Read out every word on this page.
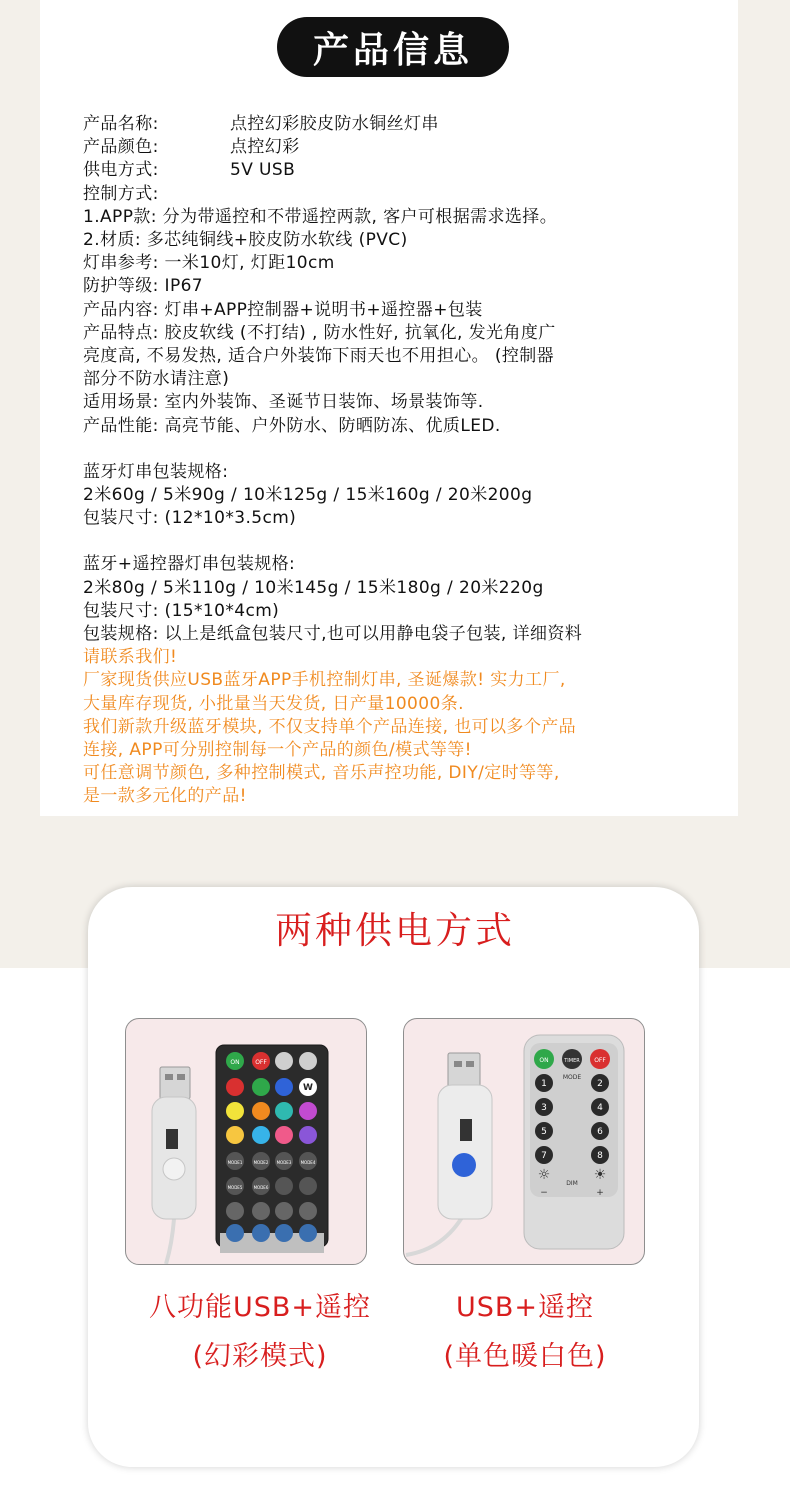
产品信息
产品名称:	点控幻彩胶皮防水铜丝灯串
产品颜色:	点控幻彩
供电方式:	5V USB
控制方式:
1.APP款: 分为带遥控和不带遥控两款, 客户可根据需求选择。
2.材质: 多芯纯铜线+胶皮防水软线 (PVC)
灯串参考: 一米10灯, 灯距10cm
防护等级: IP67
产品内容: 灯串+APP控制器+说明书+遥控器+包装
产品特点: 胶皮软线 (不打结) , 防水性好, 抗氧化, 发光角度广
亮度高, 不易发热, 适合户外装饰下雨天也不用担心。 (控制器
部分不防水请注意)
适用场景: 室内外装饰、圣诞节日装饰、场景装饰等.
产品性能: 高亮节能、户外防水、防晒防冻、优质LED.
蓝牙灯串包装规格:
2米60g / 5米90g / 10米125g / 15米160g / 20米200g
包装尺寸: (12*10*3.5cm)
蓝牙+遥控器灯串包装规格:
2米80g / 5米110g / 10米145g / 15米180g / 20米220g
包装尺寸: (15*10*4cm)
包装规格: 以上是纸盒包装尺寸,也可以用静电袋子包装, 详细资料
请联系我们!
厂家现货供应USB蓝牙APP手机控制灯串, 圣诞爆款! 实力工厂,
大量库存现货, 小批量当天发货, 日产量10000条.
我们新款升级蓝牙模块, 不仅支持单个产品连接, 也可以多个产品
连接, APP可分别控制每一个产品的颜色/模式等等!
可任意调节颜色, 多种控制模式, 音乐声控功能, DIY/定时等等,
是一款多元化的产品!
两种供电方式
ON	OFF
W
MODE1	MODE2 MODE3 MODE4
MODE5	MODE6
ON	TIMER OFF
MODE
1	2
3	4
5	6
7	8
☼	☀
DIM
−	+
八功能USB+遥控
(幻彩模式)
USB+遥控
(单色暖白色)
